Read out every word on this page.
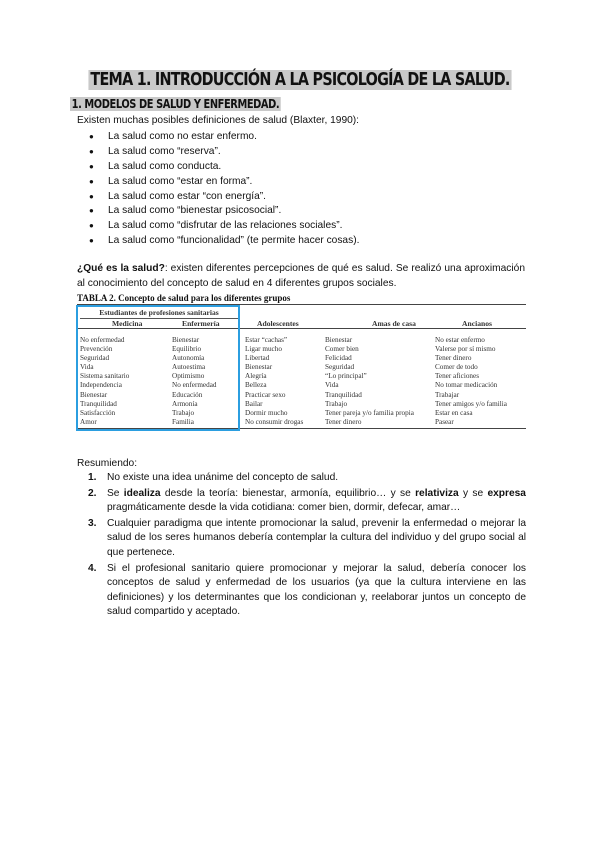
TEMA 1. INTRODUCCIÓN A LA PSICOLOGÍA DE LA SALUD.
1. MODELOS DE SALUD Y ENFERMEDAD.
Existen muchas posibles definiciones de salud (Blaxter, 1990):
● La salud como no estar enfermo.
● La salud como “reserva”.
● La salud como conducta.
● La salud como “estar en forma”.
● La salud como estar “con energía”.
● La salud como “bienestar psicosocial”.
● La salud como “disfrutar de las relaciones sociales”.
● La salud como “funcionalidad” (te permite hacer cosas).
¿Qué es la salud?: existen diferentes percepciones de qué es salud. Se realizó una aproximación al conocimiento del concepto de salud en 4 diferentes grupos sociales.
TABLA 2. Concepto de salud para los diferentes grupos
Estudiantes de profesiones sanitarias
Medicina
No enfermedad
Prevención
Seguridad
Vida
Sistema sanitario
Independencia
Bienestar
Tranquilidad
Satisfacción
Amor
Enfermería
Bienestar
Equilibrio
Autonomía
Autoestima
Optimismo
No enfermedad
Educación
Armonía
Trabajo
Familia
Adolescentes
Estar “cachas”
Ligar mucho
Libertad
Bienestar
Alegría
Belleza
Practicar sexo
Bailar
Dormir mucho
No consumir drogas
Amas de casa
Bienestar
Comer bien
Felicidad
Seguridad
“Lo principal”
Vida
Tranquilidad
Trabajo
Tener pareja y/o familia propia
Tener dinero
Ancianos
No estar enfermo
Valerse por sí mismo
Tener dinero
Comer de todo
Tener aficiones
No tomar medicación
Trabajar
Tener amigos y/o familia
Estar en casa
Pasear
Resumiendo:
1. No existe una idea unánime del concepto de salud.
2. Se idealiza desde la teoría: bienestar, armonía, equilibrio… y se relativiza y se expresa pragmáticamente desde la vida cotidiana: comer bien, dormir, defecar, amar…
3. Cualquier paradigma que intente promocionar la salud, prevenir la enfermedad o mejorar la salud de los seres humanos debería contemplar la cultura del individuo y del grupo social al que pertenece.
4. Si el profesional sanitario quiere promocionar y mejorar la salud, debería conocer los conceptos de salud y enfermedad de los usuarios (ya que la cultura interviene en las definiciones) y los determinantes que los condicionan y, reelaborar juntos un concepto de salud compartido y aceptado.
